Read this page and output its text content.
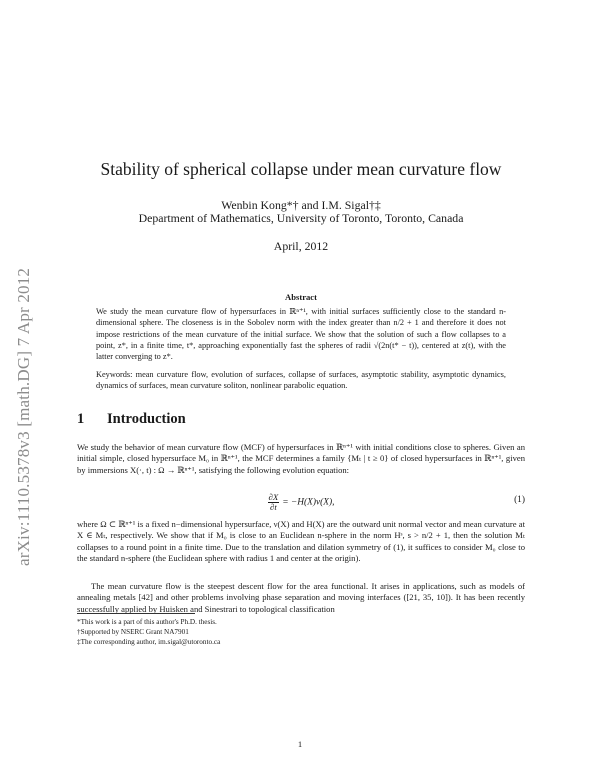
arXiv:1110.5378v3 [math.DG] 7 Apr 2012
Stability of spherical collapse under mean curvature flow
Wenbin Kong*† and I.M. Sigal†‡
Department of Mathematics, University of Toronto, Toronto, Canada
April, 2012
Abstract
We study the mean curvature flow of hypersurfaces in ℝⁿ⁺¹, with initial surfaces sufficiently close to the standard n-dimensional sphere. The closeness is in the Sobolev norm with the index greater than n/2 + 1 and therefore it does not impose restrictions of the mean curvature of the initial surface. We show that the solution of such a flow collapses to a point, z*, in a finite time, t*, approaching exponentially fast the spheres of radii √(2n(t* − t)), centered at z(t), with the latter converging to z*.
Keywords: mean curvature flow, evolution of surfaces, collapse of surfaces, asymptotic stability, asymptotic dynamics, dynamics of surfaces, mean curvature soliton, nonlinear parabolic equation.
1 Introduction
We study the behavior of mean curvature flow (MCF) of hypersurfaces in ℝⁿ⁺¹ with initial conditions close to spheres. Given an initial simple, closed hypersurface M₀ in ℝⁿ⁺¹, the MCF determines a family {Mₜ | t ≥ 0} of closed hypersurfaces in ℝⁿ⁺¹, given by immersions X(·, t) : Ω → ℝⁿ⁺¹, satisfying the following evolution equation:
$\frac{\partial X}{\partial t} = -H(X)\nu(X)$,	(1)
where Ω ⊂ ℝⁿ⁺¹ is a fixed n−dimensional hypersurface, ν(X) and H(X) are the outward unit normal vector and mean curvature at X ∈ Mₜ, respectively. We show that if M₀ is close to an Euclidean n-sphere in the norm Hˢ, s > n/2 + 1, then the solution Mₜ collapses to a round point in a finite time. Due to the translation and dilation symmetry of (1), it suffices to consider M₀ close to the standard n-sphere (the Euclidean sphere with radius 1 and center at the origin).
The mean curvature flow is the steepest descent flow for the area functional. It arises in applications, such as models of annealing metals [42] and other problems involving phase separation and moving interfaces ([21, 35, 10]). It has been recently successfully applied by Huisken and Sinestrari to topological classification
*This work is a part of this author's Ph.D. thesis.
†Supported by NSERC Grant NA7901
‡The corresponding author, im.sigal@utoronto.ca
1
